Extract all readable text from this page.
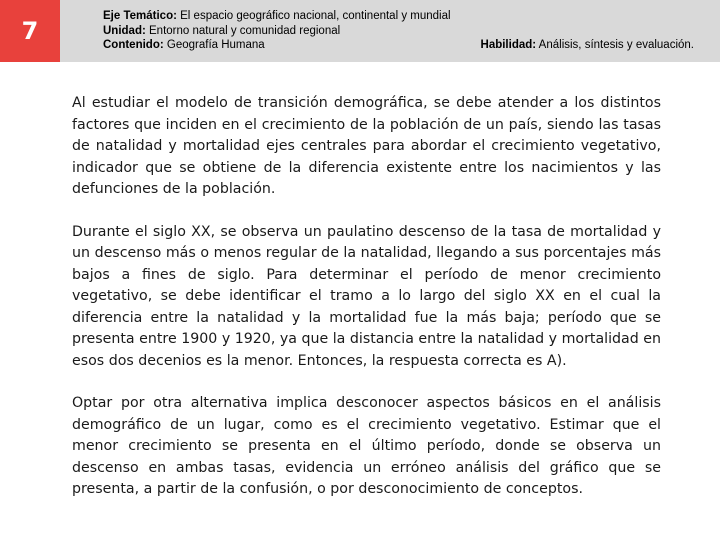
7
Eje Temático: El espacio geográfico nacional, continental y mundial
Unidad: Entorno natural y comunidad regional
Contenido: Geografía Humana	Habilidad: Análisis, síntesis y evaluación.

Al estudiar el modelo de transición demográfica, se debe atender a los distintos factores que inciden en el crecimiento de la población de un país, siendo las tasas de natalidad y mortalidad ejes centrales para abordar el crecimiento vegetativo, indicador que se obtiene de la diferencia existente entre los nacimientos y las defunciones de la población.

Durante el siglo XX, se observa un paulatino descenso de la tasa de mortalidad y un descenso más o menos regular de la natalidad, llegando a sus porcentajes más bajos a fines de siglo. Para determinar el período de menor crecimiento vegetativo, se debe identificar el tramo a lo largo del siglo XX en el cual la diferencia entre la natalidad y la mortalidad fue la más baja; período que se presenta entre 1900 y 1920, ya que la distancia entre la natalidad y mortalidad en esos dos decenios es la menor. Entonces, la respuesta correcta es A).

Optar por otra alternativa implica desconocer aspectos básicos en el análisis demográfico de un lugar, como es el crecimiento vegetativo. Estimar que el menor crecimiento se presenta en el último período, donde se observa un descenso en ambas tasas, evidencia un erróneo análisis del gráfico que se presenta, a partir de la confusión, o por desconocimiento de conceptos.
